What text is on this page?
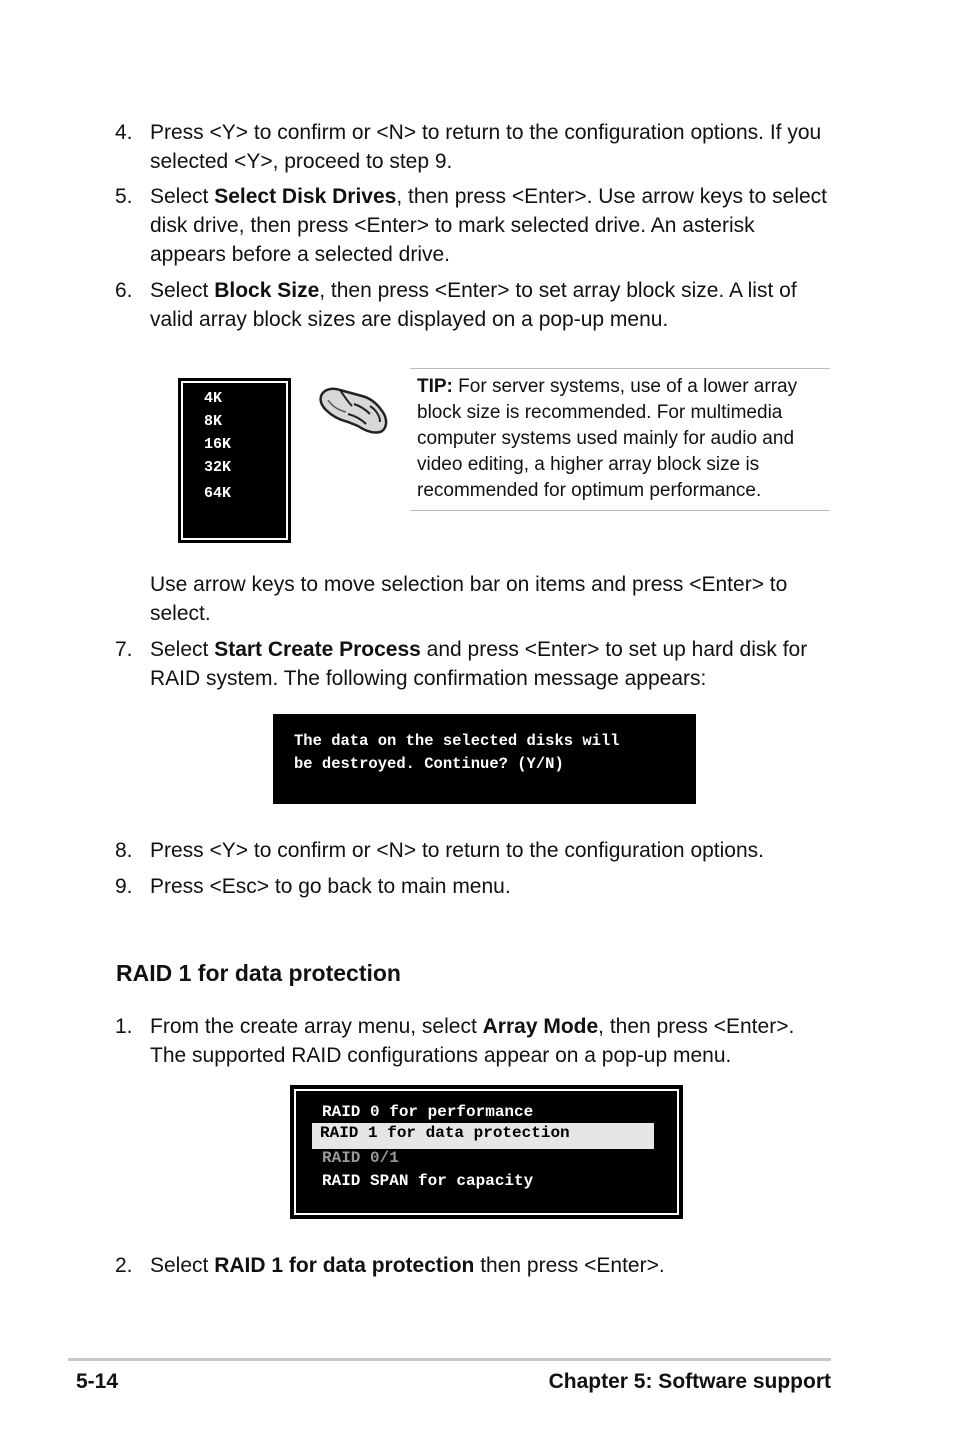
4. Press <Y> to confirm or <N> to return to the configuration options. If you selected <Y>, proceed to step 9.
5. Select Select Disk Drives, then press <Enter>. Use arrow keys to select disk drive, then press <Enter> to mark selected drive. An asterisk appears before a selected drive.
6. Select Block Size, then press <Enter> to set array block size. A list of valid array block sizes are displayed on a pop-up menu.
4K
8K
16K
32K
64K
TIP: For server systems, use of a lower array block size is recommended. For multimedia computer systems used mainly for audio and video editing, a higher array block size is recommended for optimum performance.
Use arrow keys to move selection bar on items and press <Enter> to select.
7. Select Start Create Process and press <Enter> to set up hard disk for RAID system. The following confirmation message appears:
The data on the selected disks will
be destroyed. Continue? (Y/N)
8. Press <Y> to confirm or <N> to return to the configuration options.
9. Press <Esc> to go back to main menu.
RAID 1 for data protection
1. From the create array menu, select Array Mode, then press <Enter>. The supported RAID configurations appear on a pop-up menu.
RAID 0 for performance
RAID 1 for data protection
RAID 0/1
RAID SPAN for capacity
2. Select RAID 1 for data protection then press <Enter>.
5-14	Chapter 5: Software support
